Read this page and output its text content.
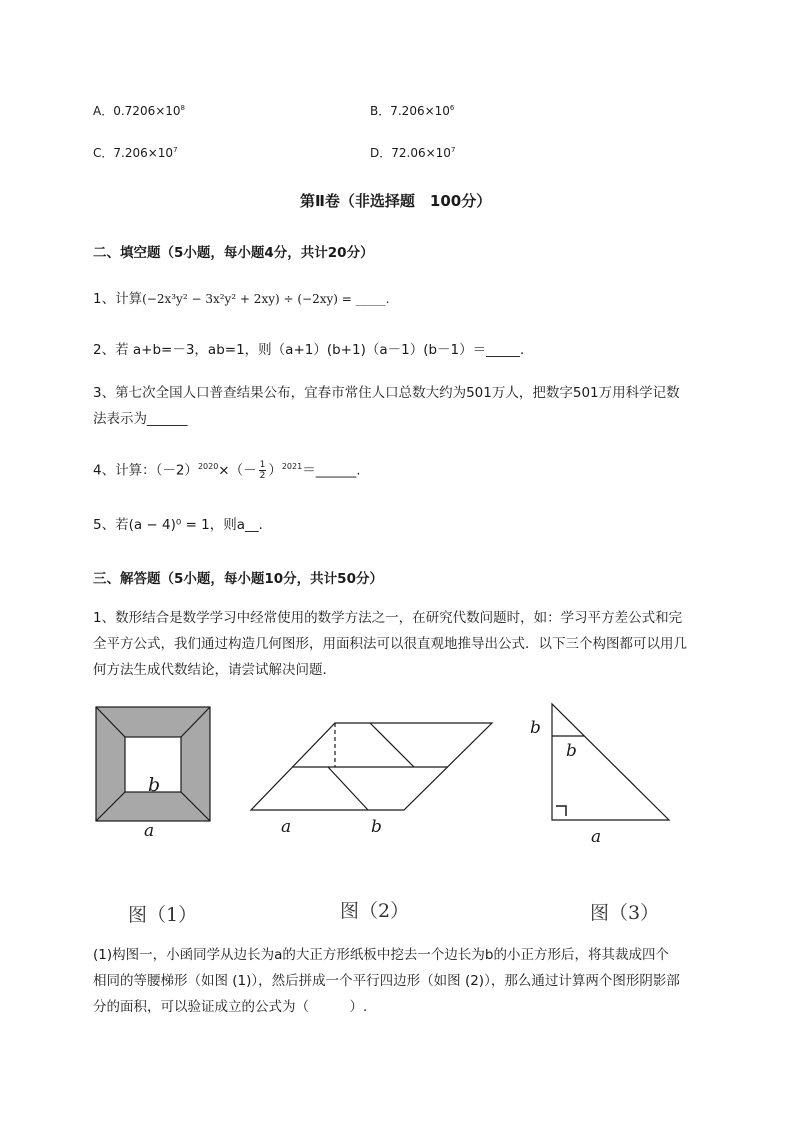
A．$0.7206\times 10^8$	B．$7.206\times 10^6$
C．$7.206\times 10^7$	D．$72.06\times 10^7$
第Ⅱ卷（非选择题　100分）
二、填空题（5小题，每小题4分，共计20分）
1、计算(−2x³y² − 3x²y² + 2xy) ÷ (−2xy) = _____.
2、若 a+b=－3，ab=1，则（a+1）(b+1)（a－1）(b－1）＝_____.
3、第七次全国人口普查结果公布，宜春市常住人口总数大约为501万人，把数字501万用科学记数
法表示为______
4、计算：$(-2)^{2020}\times(- \frac{1}{2}$ ）$^{2021}=\_\_\_\_\_\_$.
5、若(a − 4)⁰ = 1，则a__.
三、解答题（5小题，每小题10分，共计50分）
1、数形结合是数学学习中经常使用的数学方法之一，在研究代数问题时，如：学习平方差公式和完
全平方公式，我们通过构造几何图形，用面积法可以很直观地推导出公式．以下三个构图都可以用几
何方法生成代数结论，请尝试解决问题．
b
a	a	b
b
b
a
图（1）	图（2）	图（3）
(1)构图一，小函同学从边长为a的大正方形纸板中挖去一个边长为b的小正方形后，将其裁成四个
相同的等腰梯形（如图 (1)），然后拼成一个平行四边形（如图 (2)），那么通过计算两个图形阴影部
分的面积，可以验证成立的公式为（　　　）.
